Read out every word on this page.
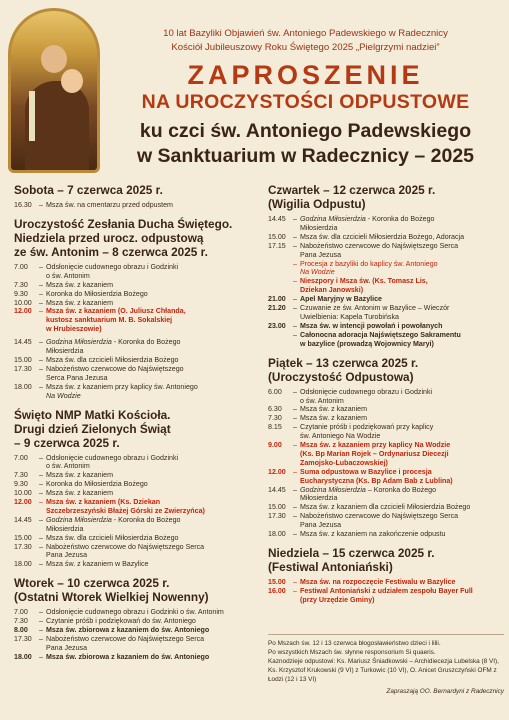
10 lat Bazyliki Objawień św. Antoniego Padewskiego w Radecznicy
Kościół Jubileuszowy Roku Świętego 2025 „Pielgrzymi nadziei”
ZAPROSZENIE
NA UROCZYSTOŚCI ODPUSTOWE
ku czci św. Antoniego Padewskiego
w Sanktuarium w Radecznicy – 2025
Sobota – 7 czerwca 2025 r.
16.30	– Msza św. na cmentarzu przed odpustem
Uroczystość Zesłania Ducha Świętego.
Niedziela przed urocz. odpustową
ze św. Antonim – 8 czerwca 2025 r.
7.00	– Odsłonięcie cudownego obrazu i Godzinki
o św. Antonim
7.30	– Msza św. z kazaniem
9.30	– Koronka do Miłosierdzia Bożego
10.00	– Msza św. z kazaniem
12.00	– Msza św. z kazaniem (O. Juliusz Chłanda,
kustosz sanktuarium M. B. Sokalskiej
w Hrubieszowie)
14.45	– Godzina Miłosierdzia - Koronka do Bożego
Miłosierdzia
15.00	– Msza św. dla czcicieli Miłosierdzia Bożego
17.30	– Nabożeństwo czerwcowe do Najświętszego
Serca Pana Jezusa
18.00	– Msza św. z kazaniem przy kaplicy św. Antoniego
Na Wodzie
Święto NMP Matki Kościoła.
Drugi dzień Zielonych Świąt
– 9 czerwca 2025 r.
7.00	– Odsłonięcie cudownego obrazu i Godzinki
o św. Antonim
7.30	– Msza św. z kazaniem
9.30	– Koronka do Miłosierdzia Bożego
10.00	– Msza św. z kazaniem
12.00	– Msza św. z kazaniem (Ks. Dziekan
Szczebrzeszyński Błażej Górski ze Zwierzyńca)
14.45	– Godzina Miłosierdzia - Koronka do Bożego
Miłosierdzia
15.00	– Msza św. dla czcicieli Miłosierdzia Bożego
17.30	– Nabożeństwo czerwcowe do Najświętszego Serca
Pana Jezusa
18.00	– Msza św. z kazaniem w Bazylice
Wtorek – 10 czerwca 2025 r.
(Ostatni Wtorek Wielkiej Nowenny)
7.00	– Odsłonięcie cudownego obrazu i Godzinki o św. Antonim
7.30	– Czytanie próśb i podziękowań do św. Antoniego
8.00	– Msza św. zbiorowa z kazaniem do św. Antoniego
17.30	– Nabożeństwo czerwcowe do Najświętszego Serca
Pana Jezusa
18.00	– Msza św. zbiorowa z kazaniem do św. Antoniego
Czwartek – 12 czerwca 2025 r.
(Wigilia Odpustu)
14.45	– Godzina Miłosierdzia - Koronka do Bożego
Miłosierdzia
15.00	– Msza św. dla czcicieli Miłosierdzia Bożego, Adoracja
17.15	– Nabożeństwo czerwcowe do Najświętszego Serca
Pana Jezusa
– Procesja z bazyliki do kaplicy św. Antoniego
Na Wodzie
– Nieszpory i Msza św. (Ks. Tomasz Lis,
Dziekan Janowski)
21.00	– Apel Maryjny w Bazylice
21.20	– Czuwanie ze św. Antonim w Bazylice – Wieczór
Uwielbienia: Kapela Turobińska
23.00	– Msza św. w intencji powołań i powołanych
– Całonocna adoracja Najświętszego Sakramentu
w bazylice (prowadzą Wojownicy Maryi)
Piątek – 13 czerwca 2025 r.
(Uroczystość Odpustowa)
6.00	– Odsłonięcie cudownego obrazu i Godzinki
o św. Antonim
6.30	– Msza św. z kazaniem
7.30	– Msza św. z kazaniem
8.15	– Czytanie próśb i podziękowań przy kaplicy
św. Antoniego Na Wodzie
9.00	– Msza św. z kazaniem przy kaplicy Na Wodzie
(Ks. Bp Marian Rojek – Ordynariusz Diecezji
Zamojsko-Lubaczowskiej)
12.00	– Suma odpustowa w Bazylice i procesja
Eucharystyczna (Ks. Bp Adam Bab z Lublina)
14.45	– Godzina Miłosierdzia – Koronka do Bożego
Miłosierdzia
15.00	– Msza św. z kazaniem dla czcicieli Miłosierdzia Bożego
17.30	– Nabożeństwo czerwcowe do Najświętszego Serca
Pana Jezusa
18.00	– Msza św. z kazaniem na zakończenie odpustu
Niedziela – 15 czerwca 2025 r.
(Festiwal Antoniański)
15.00	– Msza św. na rozpoczęcie Festiwalu w Bazylice
16.00	– Festiwal Antoniański z udziałem zespołu Bayer Full
(przy Urzędzie Gminy)

Po Mszach św. 12 i 13 czerwca błogosławieństwo dzieci i lilii.

Po wszystkich Mszach św. słynne responsorium Si quaeris.

Kaznodzieje odpustowi: Ks. Mariusz Śniadkowski – Archidiecezja Lubelska (8 VI), Ks. Krzysztof Krukowski (9 VI) z Turkowic (10 VI), O. Anicet Gruszczyński OFM z Łodzi (12 i 13 VI)

Zapraszają OO. Bernardyni z Radecznicy
